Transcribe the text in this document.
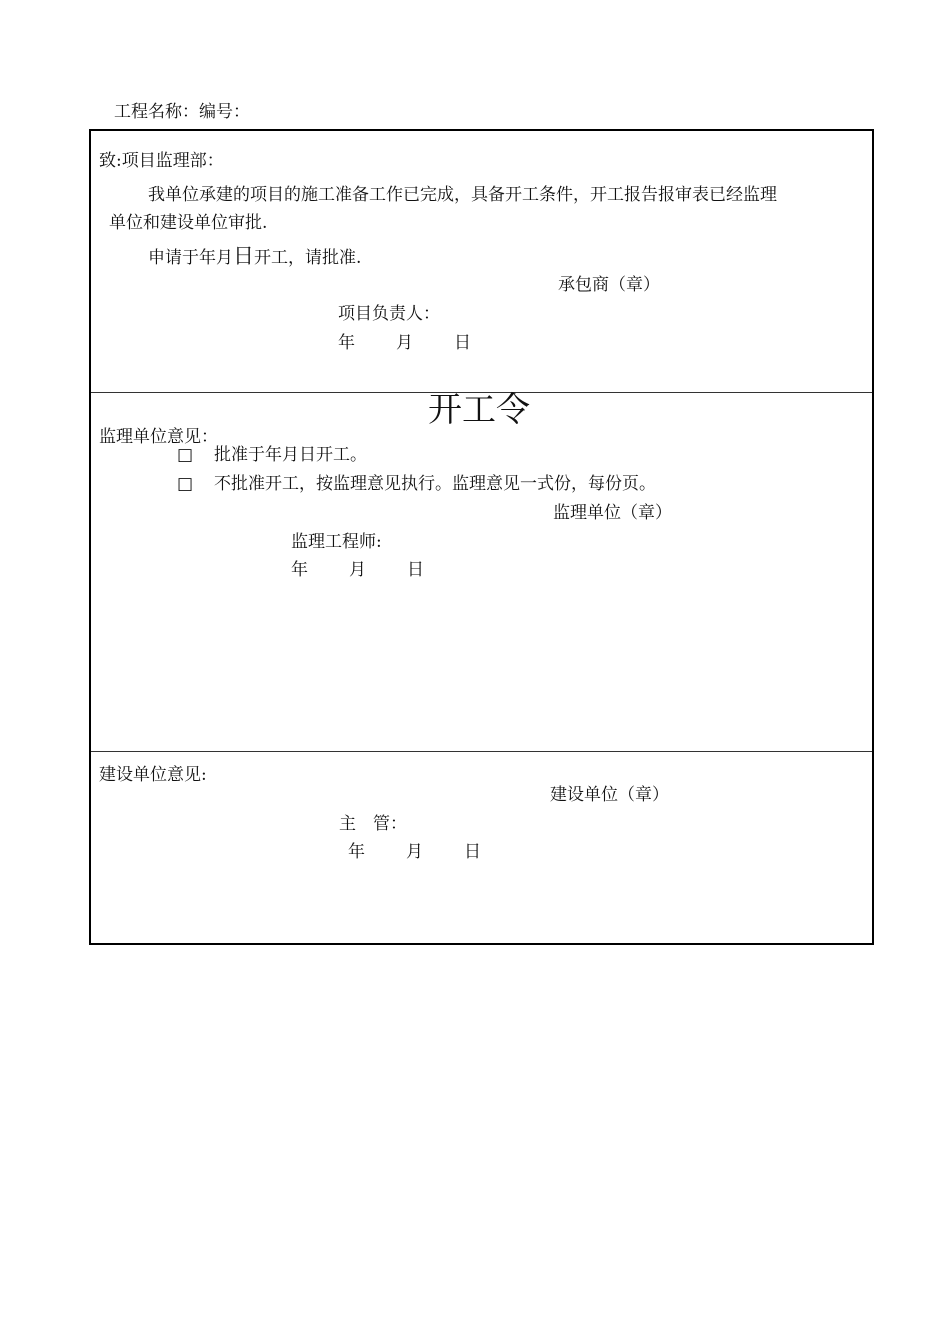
工程名称：编号：
致:项目监理部：
我单位承建的项目的施工准备工作已完成，具备开工条件，开工报告报审表已经监理
单位和建设单位审批.
申请于年月日开工，请批准.
承包商（章）
项目负责人：
年 月 日
开工令
监理单位意见：
□ 批准于年月日开工。
□ 不批准开工，按监理意见执行。监理意见一式份，每份页。
监理单位（章）
监理工程师:
年 月 日
建设单位意见:
建设单位（章）
主　管：
年 月 日
